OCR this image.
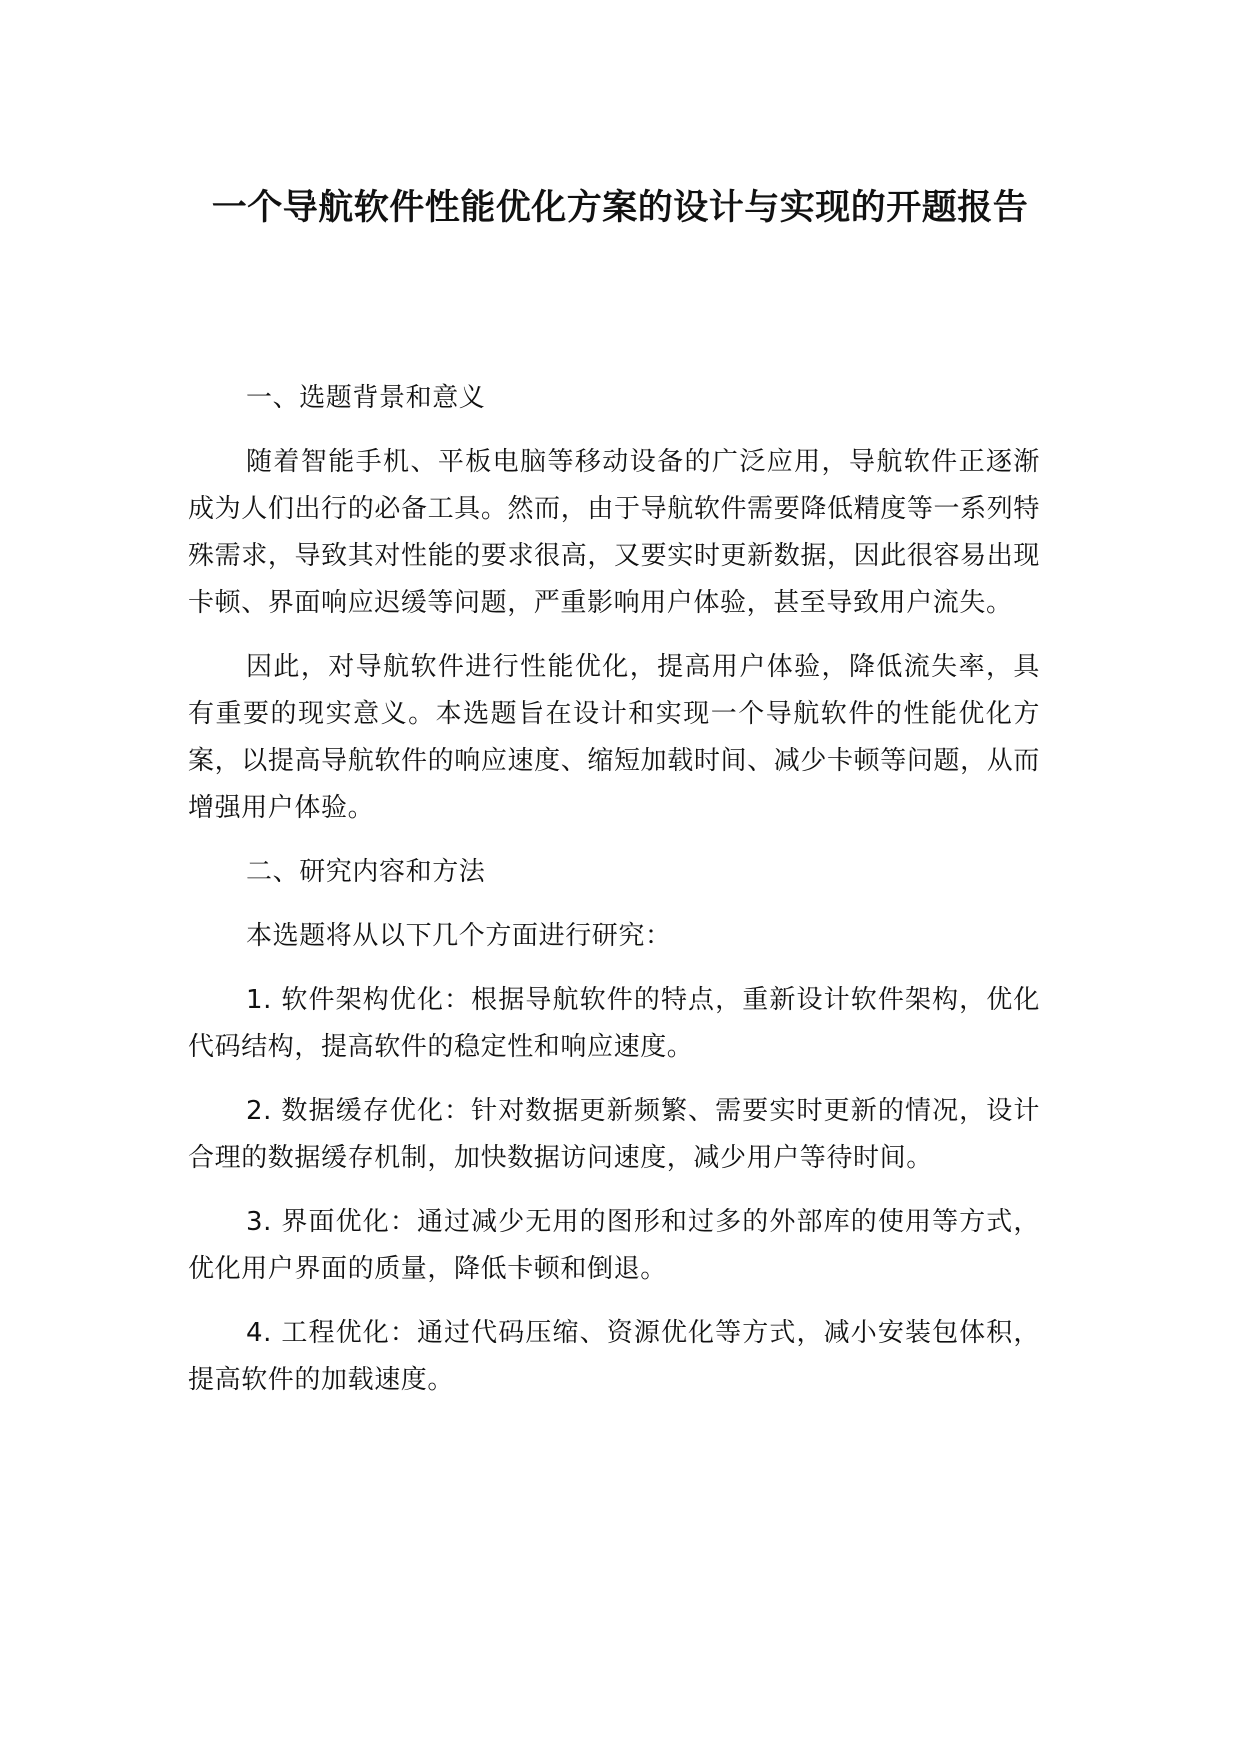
一个导航软件性能优化方案的设计与实现的开题报告

一、选题背景和意义

随着智能手机、平板电脑等移动设备的广泛应用，导航软件正逐渐成为人们出行的必备工具。然而，由于导航软件需要降低精度等一系列特殊需求，导致其对性能的要求很高，又要实时更新数据，因此很容易出现卡顿、界面响应迟缓等问题，严重影响用户体验，甚至导致用户流失。

因此，对导航软件进行性能优化，提高用户体验，降低流失率，具有重要的现实意义。本选题旨在设计和实现一个导航软件的性能优化方案，以提高导航软件的响应速度、缩短加载时间、减少卡顿等问题，从而增强用户体验。

二、研究内容和方法

本选题将从以下几个方面进行研究：

1. 软件架构优化：根据导航软件的特点，重新设计软件架构，优化代码结构，提高软件的稳定性和响应速度。

2. 数据缓存优化：针对数据更新频繁、需要实时更新的情况，设计合理的数据缓存机制，加快数据访问速度，减少用户等待时间。

3. 界面优化：通过减少无用的图形和过多的外部库的使用等方式，优化用户界面的质量，降低卡顿和倒退。

4. 工程优化：通过代码压缩、资源优化等方式，减小安装包体积，提高软件的加载速度。
